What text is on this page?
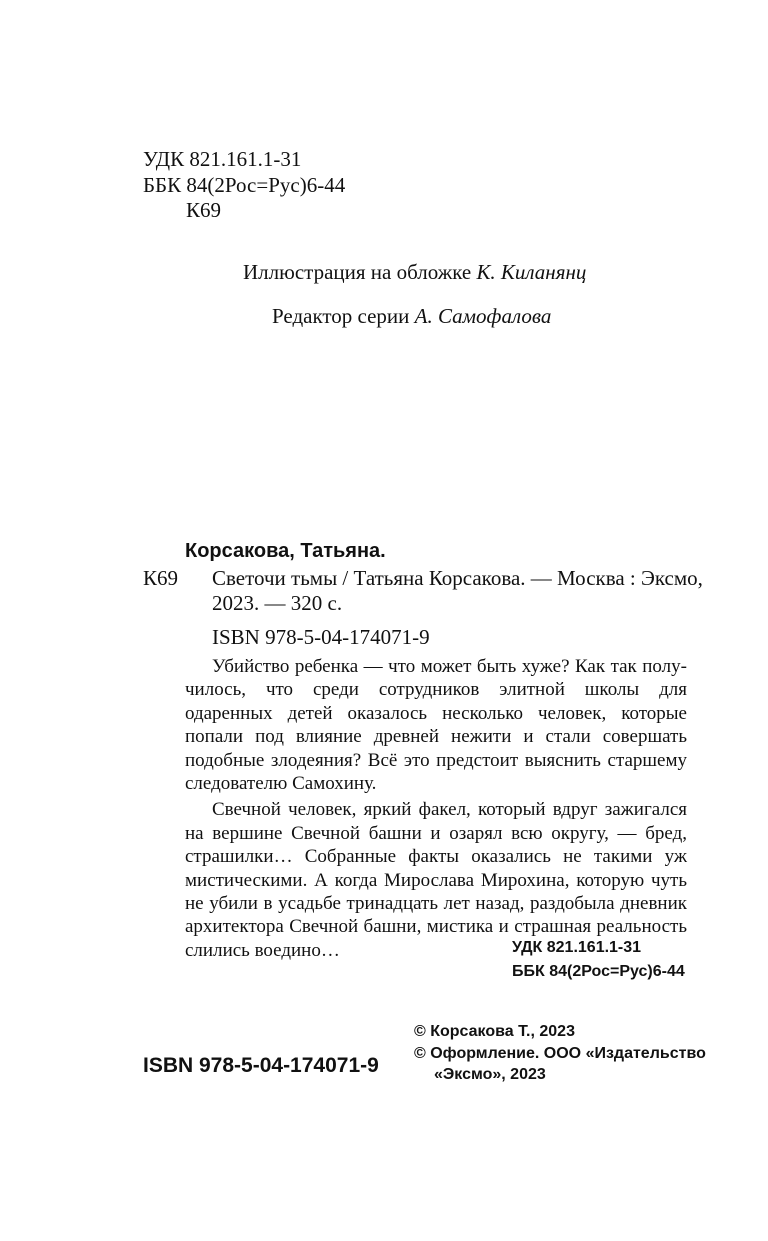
УДК 821.161.1-31
ББК 84(2Рос=Рус)6-44
К69
Иллюстрация на обложке К. Киланянц
Редактор серии А. Самофалова
Корсакова, Татьяна.
К69 Светочи тьмы / Татьяна Корсакова. — Москва : Эксмо,
2023. — 320 с.
ISBN 978-5-04-174071-9

Убийство ребенка — что может быть хуже? Как так получилось, что среди сотрудников элитной школы для одаренных детей оказалось несколько человек, которые попали под влияние древней нежити и стали совершать подобные злодеяния? Всё это предстоит выяснить старшему следователю Самохину.

Свечной человек, яркий факел, который вдруг зажигался на вершине Свечной башни и озарял всю округу, — бред, страшилки… Собранные факты оказались не такими уж мистическими. А когда Мирослава Мирохина, которую чуть не убили в усадьбе тринадцать лет назад, раздобыла дневник архитектора Свечной башни, мистика и страшная реальность слились воедино…	УДК 821.161.1-31
ББК 84(2Рос=Рус)6-44
ISBN 978-5-04-174071-9
© Корсакова Т., 2023
© Оформление. ООО «Издательство
«Эксмо», 2023
